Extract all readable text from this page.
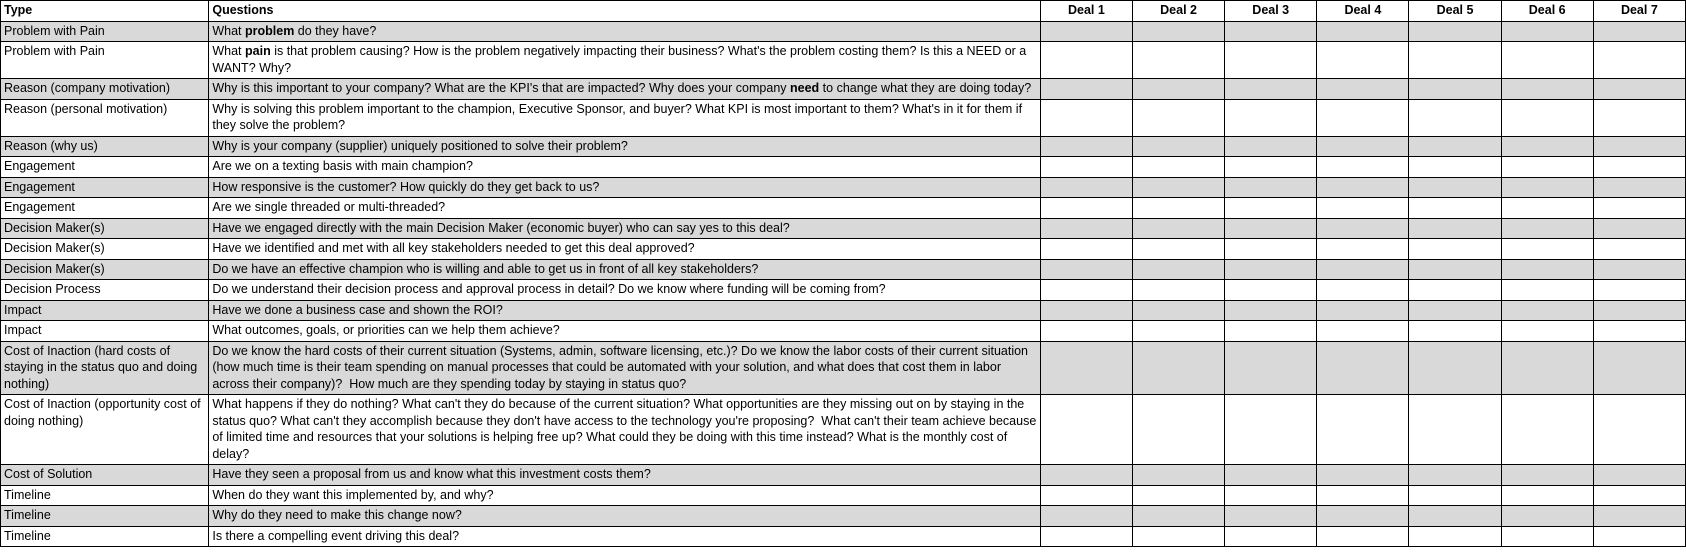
Type	Questions	Deal 1	Deal 2	Deal 3	Deal 4	Deal 5	Deal 6	Deal 7
Problem with Pain	What problem do they have?							
Problem with Pain	What pain is that problem causing? How is the problem negatively impacting their business? What's the problem costing them? Is this a NEED or a WANT? Why?							
Reason (company motivation)	Why is this important to your company? What are the KPI's that are impacted? Why does your company need to change what they are doing today?							
Reason (personal motivation)	Why is solving this problem important to the champion, Executive Sponsor, and buyer? What KPI is most important to them? What's in it for them if they solve the problem?							
Reason (why us)	Why is your company (supplier) uniquely positioned to solve their problem?							
Engagement	Are we on a texting basis with main champion?							
Engagement	How responsive is the customer? How quickly do they get back to us?							
Engagement	Are we single threaded or multi-threaded?							
Decision Maker(s)	Have we engaged directly with the main Decision Maker (economic buyer) who can say yes to this deal?							
Decision Maker(s)	Have we identified and met with all key stakeholders needed to get this deal approved?							
Decision Maker(s)	Do we have an effective champion who is willing and able to get us in front of all key stakeholders?							
Decision Process	Do we understand their decision process and approval process in detail? Do we know where funding will be coming from?							
Impact	Have we done a business case and shown the ROI?							
Impact	What outcomes, goals, or priorities can we help them achieve?							
Cost of Inaction (hard costs of staying in the status quo and doing nothing)	Do we know the hard costs of their current situation (Systems, admin, software licensing, etc.)? Do we know the labor costs of their current situation (how much time is their team spending on manual processes that could be automated with your solution, and what does that cost them in labor across their company)?  How much are they spending today by staying in status quo?							
Cost of Inaction (opportunity cost of doing nothing)	What happens if they do nothing? What can't they do because of the current situation? What opportunities are they missing out on by staying in the status quo? What can't they accomplish because they don't have access to the technology you're proposing?  What can't their team achieve because of limited time and resources that your solutions is helping free up? What could they be doing with this time instead? What is the monthly cost of delay?							
Cost of Solution	Have they seen a proposal from us and know what this investment costs them?							
Timeline	When do they want this implemented by, and why?							
Timeline	Why do they need to make this change now?							
Timeline	Is there a compelling event driving this deal?							
